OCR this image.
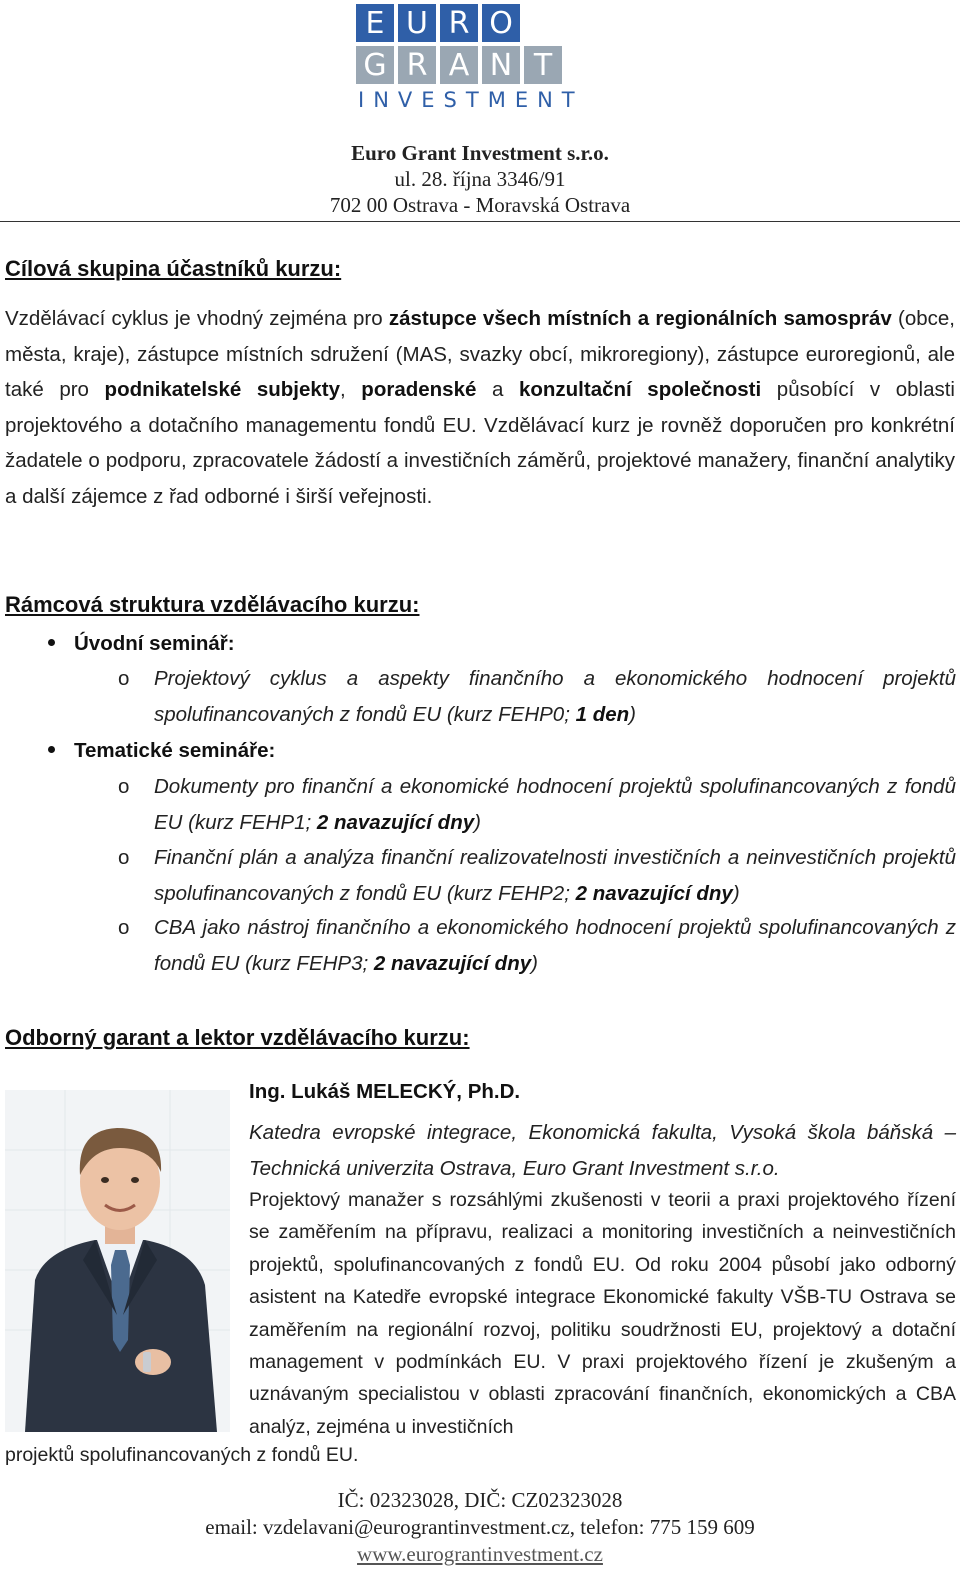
E U R O
G R A N T
INVESTMENT
Euro Grant Investment s.r.o.
ul. 28. října 3346/91
702 00 Ostrava - Moravská Ostrava
Cílová skupina účastníků kurzu:
Vzdělávací cyklus je vhodný zejména pro zástupce všech místních a regionálních samospráv (obce, města, kraje), zástupce místních sdružení (MAS, svazky obcí, mikroregiony), zástupce euroregionů, ale také pro podnikatelské subjekty, poradenské a konzultační společnosti působící v oblasti projektového a dotačního managementu fondů EU. Vzdělávací kurz je rovněž doporučen pro konkrétní žadatele o podporu, zpracovatele žádostí a investičních záměrů, projektové manažery, finanční analytiky a další zájemce z řad odborné i širší veřejnosti.
Rámcová struktura vzdělávacího kurzu:
Úvodní seminář:
o	Projektový cyklus a aspekty finančního a ekonomického hodnocení projektů spolufinancovaných z fondů EU (kurz FEHP0; 1 den)
Tematické semináře:
o	Dokumenty pro finanční a ekonomické hodnocení projektů spolufinancovaných z fondů EU (kurz FEHP1; 2 navazující dny)
o	Finanční plán a analýza finanční realizovatelnosti investičních a neinvestičních projektů spolufinancovaných z fondů EU (kurz FEHP2; 2 navazující dny)
o	CBA jako nástroj finančního a ekonomického hodnocení projektů spolufinancovaných z fondů EU (kurz FEHP3; 2 navazující dny)
Odborný garant a lektor vzdělávacího kurzu:
Ing. Lukáš MELECKÝ, Ph.D.
Katedra evropské integrace, Ekonomická fakulta, Vysoká škola báňská – Technická univerzita Ostrava, Euro Grant Investment s.r.o.
Projektový manažer s rozsáhlými zkušenosti v teorii a praxi projektového řízení se zaměřením na přípravu, realizaci a monitoring investičních a neinvestičních projektů, spolufinancovaných z fondů EU. Od roku 2004 působí jako odborný asistent na Katedře evropské integrace Ekonomické fakulty VŠB-TU Ostrava se zaměřením na regionální rozvoj, politiku soudržnosti EU, projektový a dotační management v podmínkách EU. V praxi projektového řízení je zkušeným a uznávaným specialistou v oblasti zpracování finančních, ekonomických a CBA analýz, zejména u investičních
projektů spolufinancovaných z fondů EU.
IČ: 02323028, DIČ: CZ02323028
email: vzdelavani@eurograntinvestment.cz, telefon: 775 159 609
www.eurograntinvestment.cz
